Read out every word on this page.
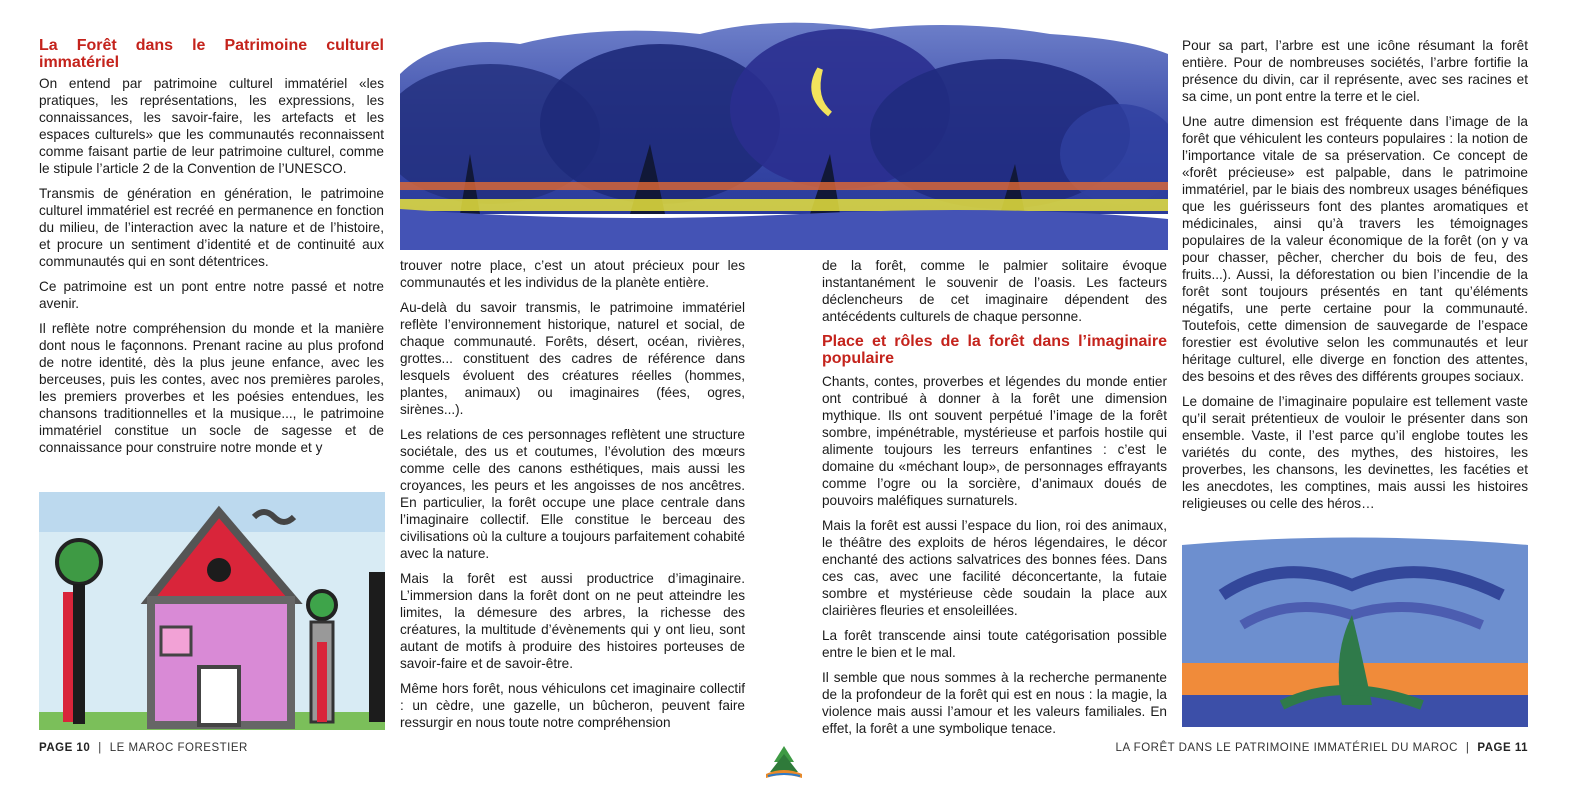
La Forêt dans le Patrimoine culturel immatériel

On entend par patrimoine culturel immatériel «les pratiques, les représentations, les expressions, les connaissances, les savoir-faire, les artefacts et les espaces culturels» que les communautés reconnaissent comme faisant partie de leur patrimoine culturel, comme le stipule l’article 2 de la Convention de l’UNESCO.

Transmis de génération en génération, le patrimoine culturel immatériel est recréé en permanence en fonction du milieu, de l’interaction avec la nature et de l’histoire, et procure un sentiment d’identité et de continuité aux communautés qui en sont détentrices.

Ce patrimoine est un pont entre notre passé et notre avenir.

Il reflète notre compréhension du monde et la manière dont nous le façonnons. Prenant racine au plus profond de notre identité, dès la plus jeune enfance, avec les berceuses, puis les contes, avec nos premières paroles, les premiers proverbes et les poésies entendues, les chansons traditionnelles et la musique..., le patrimoine immatériel constitue un socle de sagesse et de connaissance pour construire notre monde et y

trouver notre place, c’est un atout précieux pour les communautés et les individus de la planète entière.

Au-delà du savoir transmis, le patrimoine immatériel reflète l’environnement historique, naturel et social, de chaque communauté. Forêts, désert, océan, rivières, grottes... constituent des cadres de référence dans lesquels évoluent des créatures réelles (hommes, plantes, animaux) ou imaginaires (fées, ogres, sirènes...).

Les relations de ces personnages reflètent une structure sociétale, des us et coutumes, l’évolution des mœurs comme celle des canons esthétiques, mais aussi les croyances, les peurs et les angoisses de nos ancêtres. En particulier, la forêt occupe une place centrale dans l’imaginaire collectif. Elle constitue le berceau des civilisations où la culture a toujours parfaitement cohabité avec la nature.

Mais la forêt est aussi productrice d’imaginaire. L’immersion dans la forêt dont on ne peut atteindre les limites, la démesure des arbres, la richesse des créatures, la multitude d’évènements qui y ont lieu, sont autant de motifs à produire des histoires porteuses de savoir-faire et de savoir-être.

Même hors forêt, nous véhiculons cet imaginaire collectif : un cèdre, une gazelle, un bûcheron, peuvent faire ressurgir en nous toute notre compréhension

de la forêt, comme le palmier solitaire évoque instantanément le souvenir de l’oasis. Les facteurs déclencheurs de cet imaginaire dépendent des antécédents culturels de chaque personne.

Place et rôles de la forêt dans l’imaginaire populaire

Chants, contes, proverbes et légendes du monde entier ont contribué à donner à la forêt une dimension mythique. Ils ont souvent perpétué l’image de la forêt sombre, impénétrable, mystérieuse et parfois hostile qui alimente toujours les terreurs enfantines : c’est le domaine du «méchant loup», de personnages effrayants comme l’ogre ou la sorcière, d’animaux doués de pouvoirs maléfiques surnaturels.

Mais la forêt est aussi l’espace du lion, roi des animaux, le théâtre des exploits de héros légendaires, le décor enchanté des actions salvatrices des bonnes fées. Dans ces cas, avec une facilité déconcertante, la futaie sombre et mystérieuse cède soudain la place aux clairières fleuries et ensoleillées.

La forêt transcende ainsi toute catégorisation possible entre le bien et le mal.

Il semble que nous sommes à la recherche permanente de la profondeur de la forêt qui est en nous : la magie, la violence mais aussi l’amour et les valeurs familiales. En effet, la forêt a une symbolique tenace.

Pour sa part, l’arbre est une icône résumant la forêt entière. Pour de nombreuses sociétés, l’arbre fortifie la présence du divin, car il représente, avec ses racines et sa cime, un pont entre la terre et le ciel.

Une autre dimension est fréquente dans l’image de la forêt que véhiculent les conteurs populaires : la notion de l’importance vitale de sa préservation. Ce concept de «forêt précieuse» est palpable, dans le patrimoine immatériel, par le biais des nombreux usages bénéfiques que les guérisseurs font des plantes aromatiques et médicinales, ainsi qu’à travers les témoignages populaires de la valeur économique de la forêt (on y va pour chasser, pêcher, chercher du bois de feu, des fruits...). Aussi, la déforestation ou bien l’incendie de la forêt sont toujours présentés en tant qu’éléments négatifs, une perte certaine pour la communauté. Toutefois, cette dimension de sauvegarde de l’espace forestier est évolutive selon les communautés et leur héritage culturel, elle diverge en fonction des attentes, des besoins et des rêves des différents groupes sociaux.

Le domaine de l’imaginaire populaire est tellement vaste qu’il serait prétentieux de vouloir le présenter dans son ensemble. Vaste, il l’est parce qu’il englobe toutes les variétés du conte, des mythes, des histoires, les proverbes, les chansons, les devinettes, les facéties et les anecdotes, les comptines, mais aussi les histoires religieuses ou celle des héros…

PAGE 10 | LE MAROC FORESTIER	LA FORÊT DANS LE PATRIMOINE IMMATÉRIEL DU MAROC | PAGE 11
